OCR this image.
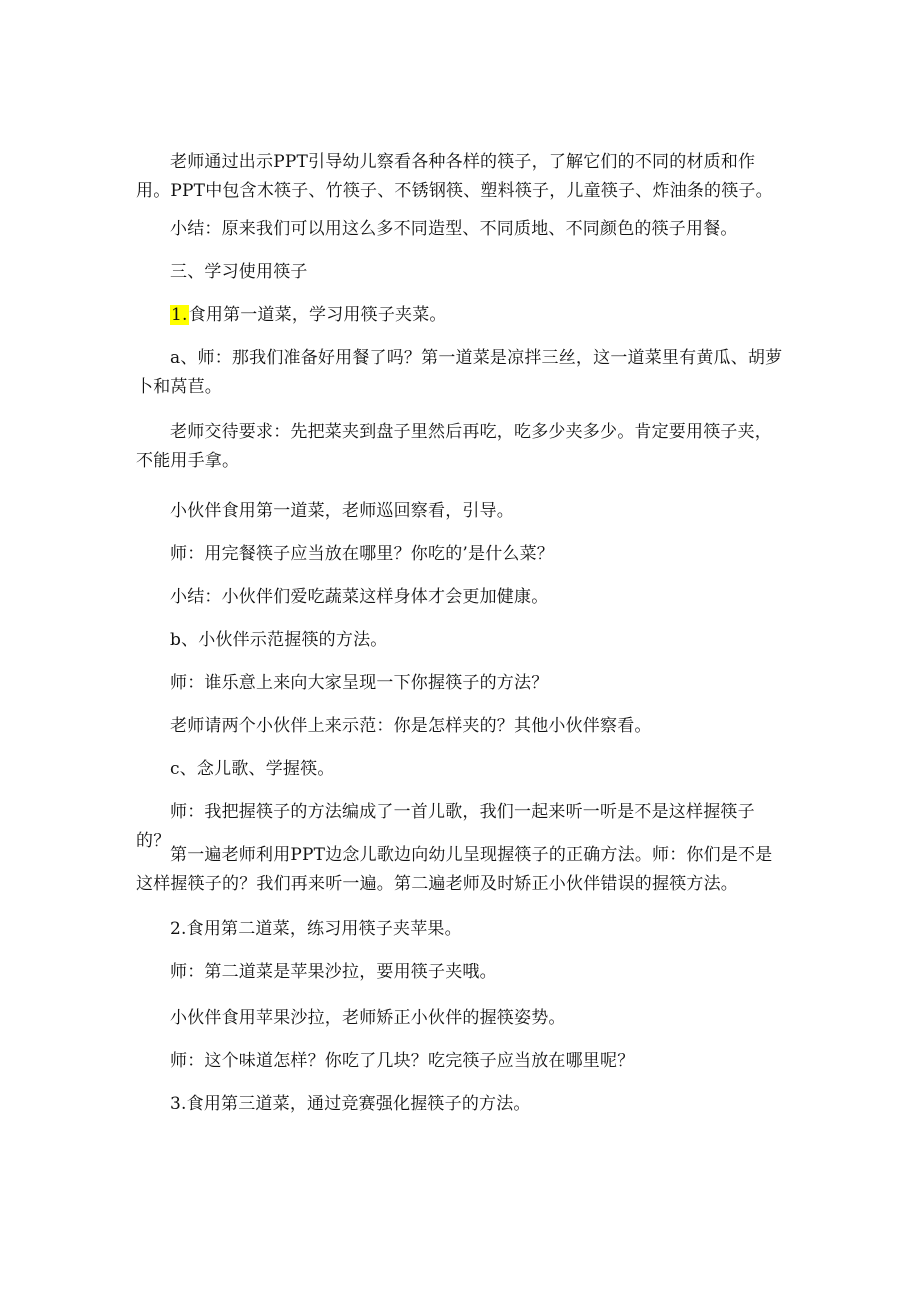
老师通过出示PPT引导幼儿察看各种各样的筷子，了解它们的不同的材质和作用。PPT中包含木筷子、竹筷子、不锈钢筷、塑料筷子，儿童筷子、炸油条的筷子。
小结：原来我们可以用这么多不同造型、不同质地、不同颜色的筷子用餐。
三、学习使用筷子
1.食用第一道菜，学习用筷子夹菜。
a、师：那我们准备好用餐了吗？第一道菜是凉拌三丝，这一道菜里有黄瓜、胡萝卜和莴苣。
老师交待要求：先把菜夹到盘子里然后再吃，吃多少夹多少。肯定要用筷子夹，不能用手拿。
小伙伴食用第一道菜，老师巡回察看，引导。
师：用完餐筷子应当放在哪里？你吃的’是什么菜？
小结：小伙伴们爱吃蔬菜这样身体才会更加健康。
b、小伙伴示范握筷的方法。
师：谁乐意上来向大家呈现一下你握筷子的方法？
老师请两个小伙伴上来示范：你是怎样夹的？其他小伙伴察看。
c、念儿歌、学握筷。
师：我把握筷子的方法编成了一首儿歌，我们一起来听一听是不是这样握筷子的？
第一遍老师利用PPT边念儿歌边向幼儿呈现握筷子的正确方法。师：你们是不是这样握筷子的？我们再来听一遍。第二遍老师及时矫正小伙伴错误的握筷方法。
2.食用第二道菜，练习用筷子夹苹果。
师：第二道菜是苹果沙拉，要用筷子夹哦。
小伙伴食用苹果沙拉，老师矫正小伙伴的握筷姿势。
师：这个味道怎样？你吃了几块？吃完筷子应当放在哪里呢？
3.食用第三道菜，通过竞赛强化握筷子的方法。
